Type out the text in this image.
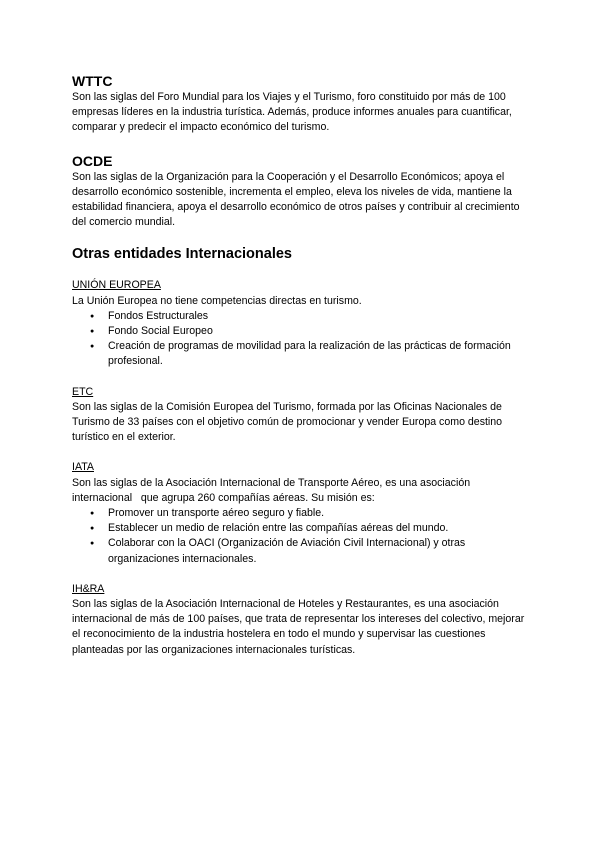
WTTC

Son las siglas del Foro Mundial para los Viajes y el Turismo, foro constituido por más de 100 empresas líderes en la industria turística. Además, produce informes anuales para cuantificar, comparar y predecir el impacto económico del turismo.

OCDE

Son las siglas de la Organización para la Cooperación y el Desarrollo Económicos; apoya el desarrollo económico sostenible, incrementa el empleo, eleva los niveles de vida, mantiene la estabilidad financiera, apoya el desarrollo económico de otros países y contribuir al crecimiento del comercio mundial.

Otras entidades Internacionales

UNIÓN EUROPEA

La Unión Europea no tiene competencias directas en turismo.

● Fondos Estructurales
● Fondo Social Europeo
● Creación de programas de movilidad para la realización de las prácticas de formación profesional.

ETC

Son las siglas de la Comisión Europea del Turismo, formada por las Oficinas Nacionales de Turismo de 33 países con el objetivo común de promocionar y vender Europa como destino turístico en el exterior.

IATA

Son las siglas de la Asociación Internacional de Transporte Aéreo, es una asociación internacional   que agrupa 260 compañías aéreas. Su misión es:

● Promover un transporte aéreo seguro y fiable.
● Establecer un medio de relación entre las compañías aéreas del mundo.
● Colaborar con la OACI (Organización de Aviación Civil Internacional) y otras organizaciones internacionales.

IH&RA

Son las siglas de la Asociación Internacional de Hoteles y Restaurantes, es una asociación internacional de más de 100 países, que trata de representar los intereses del colectivo, mejorar el reconocimiento de la industria hostelera en todo el mundo y supervisar las cuestiones planteadas por las organizaciones internacionales turísticas.
